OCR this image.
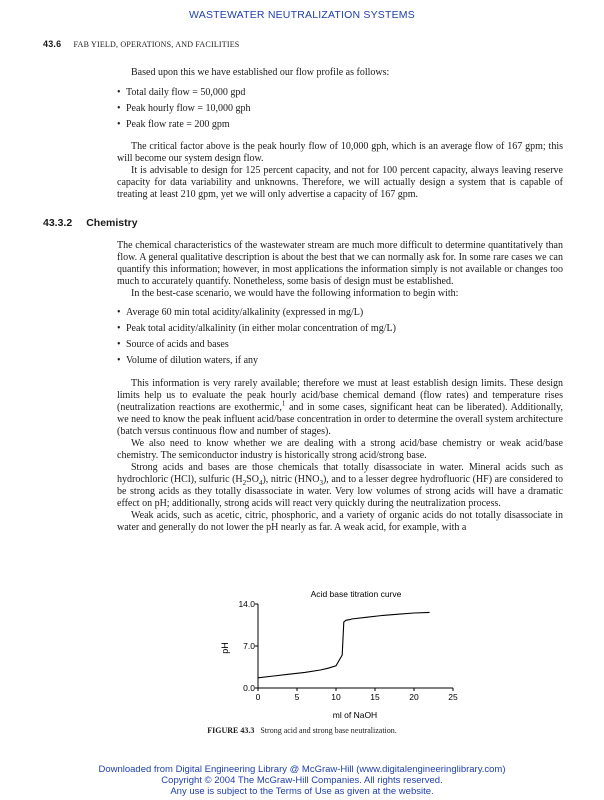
WASTEWATER NEUTRALIZATION SYSTEMS
43.6 FAB YIELD, OPERATIONS, AND FACILITIES

Based upon this we have established our flow profile as follows:

• Total daily flow = 50,000 gpd
• Peak hourly flow = 10,000 gph
• Peak flow rate = 200 gpm

The critical factor above is the peak hourly flow of 10,000 gph, which is an average flow of 167 gpm; this will become our system design flow.

It is advisable to design for 125 percent capacity, and not for 100 percent capacity, always leaving reserve capacity for data variability and unknowns. Therefore, we will actually design a system that is capable of treating at least 210 gpm, yet we will only advertise a capacity of 167 gpm.

43.3.2 Chemistry

The chemical characteristics of the wastewater stream are much more difficult to determine quantitatively than flow. A general qualitative description is about the best that we can normally ask for. In some rare cases we can quantify this information; however, in most applications the information simply is not available or changes too much to accurately quantify. Nonetheless, some basis of design must be established.

In the best-case scenario, we would have the following information to begin with:

• Average 60 min total acidity/alkalinity (expressed in mg/L)
• Peak total acidity/alkalinity (in either molar concentration of mg/L)
• Source of acids and bases
• Volume of dilution waters, if any

This information is very rarely available; therefore we must at least establish design limits. These design limits help us to evaluate the peak hourly acid/base chemical demand (flow rates) and temperature rises (neutralization reactions are exothermic,$^1$ and in some cases, significant heat can be liberated). Additionally, we need to know the peak influent acid/base concentration in order to determine the overall system architecture (batch versus continuous flow and number of stages).

We also need to know whether we are dealing with a strong acid/base chemistry or weak acid/base chemistry. The semiconductor industry is historically strong acid/strong base.

Strong acids and bases are those chemicals that totally disassociate in water. Mineral acids such as hydrochloric (HCl), sulfuric $(H_2SO_4)$, nitric $(HNO_3)$, and to a lesser degree hydrofluoric (HF) are considered to be strong acids as they totally disassociate in water. Very low volumes of strong acids will have a dramatic effect on pH; additionally, strong acids will react very quickly during the neutralization process.

Weak acids, such as acetic, citric, phosphoric, and a variety of organic acids do not totally disassociate in water and generally do not lower the pH nearly as far. A weak acid, for example, with a

Acid base titration curve
0	5	10	15	20	25
0.0
7.0
14.0
pH
ml of NaOH
FIGURE 43.3 Strong acid and strong base neutralization.
Downloaded from Digital Engineering Library @ McGraw-Hill (www.digitalengineeringlibrary.com)
Copyright © 2004 The McGraw-Hill Companies. All rights reserved.
Any use is subject to the Terms of Use as given at the website.
